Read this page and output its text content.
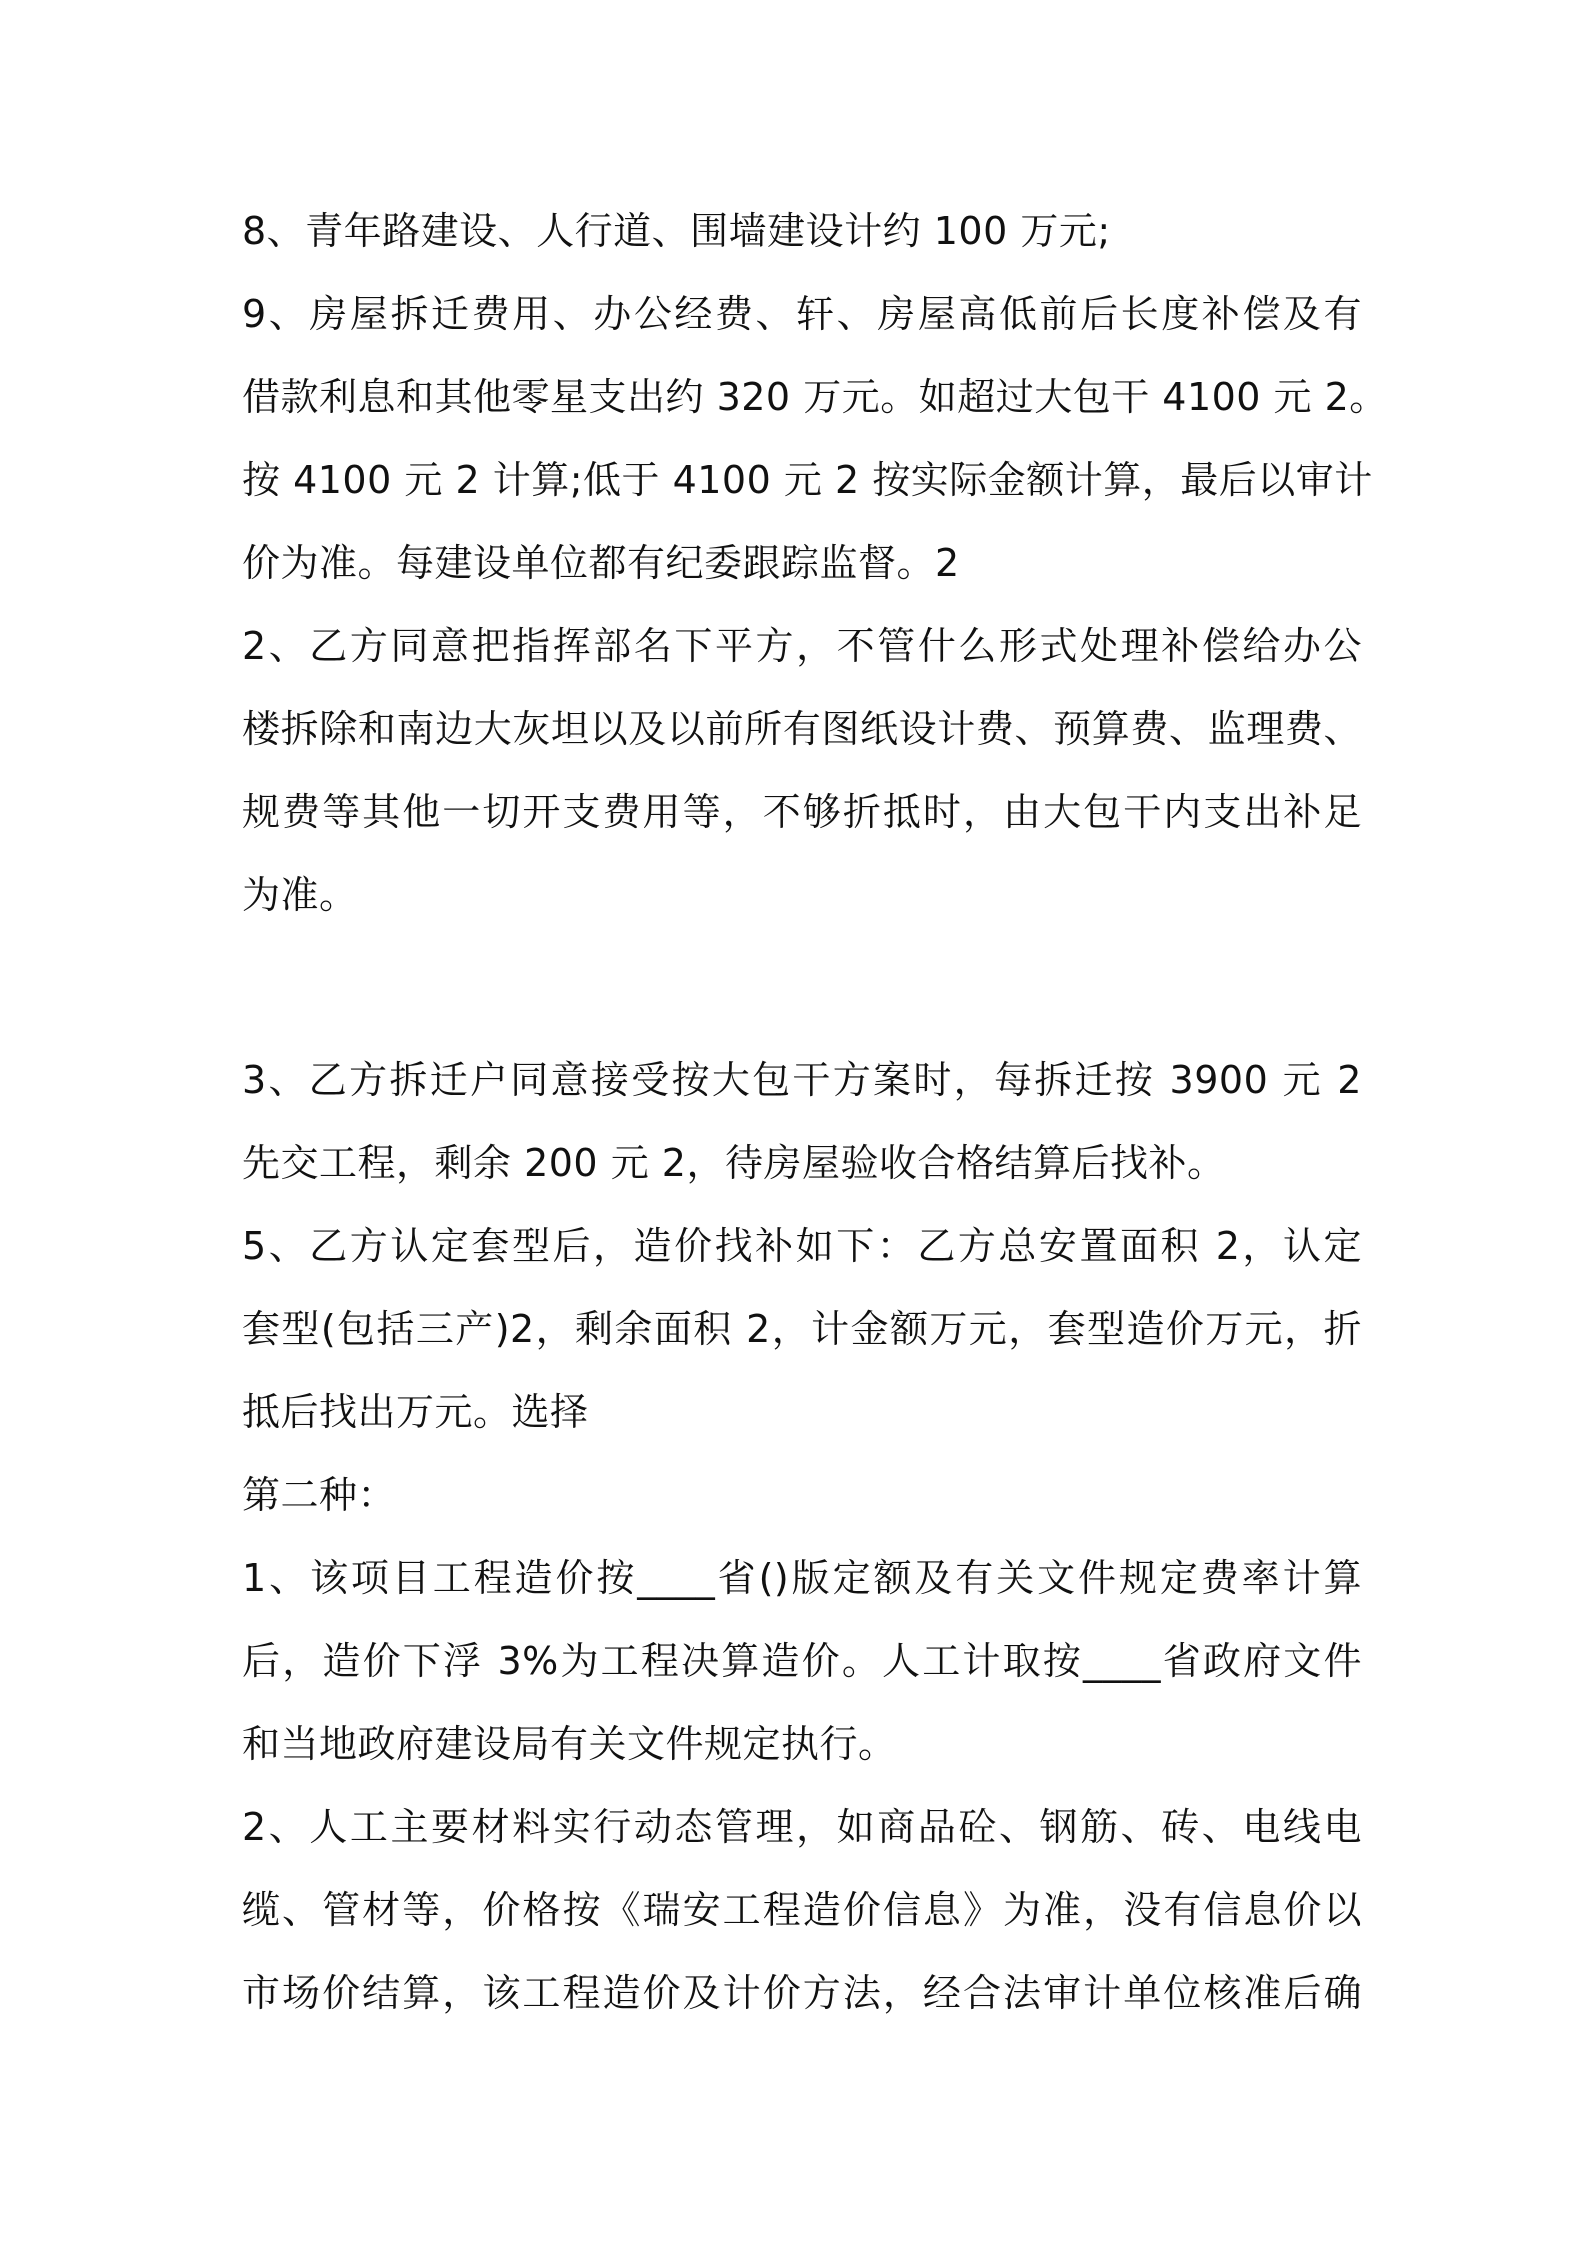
8、青年路建设、人行道、围墙建设计约 100 万元;
9、房屋拆迁费用、办公经费、轩、房屋高低前后长度补偿及有
借款利息和其他零星支出约 320 万元。如超过大包干 4100 元 2。
按 4100 元 2 计算;低于 4100 元 2 按实际金额计算，最后以审计
价为准。每建设单位都有纪委跟踪监督。2
2、乙方同意把指挥部名下平方，不管什么形式处理补偿给办公
楼拆除和南边大灰坦以及以前所有图纸设计费、预算费、监理费、
规费等其他一切开支费用等，不够折抵时，由大包干内支出补足
为准。
3、乙方拆迁户同意接受按大包干方案时，每拆迁按 3900 元 2
先交工程，剩余 200 元 2，待房屋验收合格结算后找补。
5、乙方认定套型后，造价找补如下：乙方总安置面积 2，认定
套型(包括三产)2，剩余面积 2，计金额万元，套型造价万元，折
抵后找出万元。选择
第二种：
1、该项目工程造价按____省()版定额及有关文件规定费率计算
后，造价下浮 3%为工程决算造价。人工计取按____省政府文件
和当地政府建设局有关文件规定执行。
2、人工主要材料实行动态管理，如商品砼、钢筋、砖、电线电
缆、管材等，价格按《瑞安工程造价信息》为准，没有信息价以
市场价结算，该工程造价及计价方法，经合法审计单位核准后确
